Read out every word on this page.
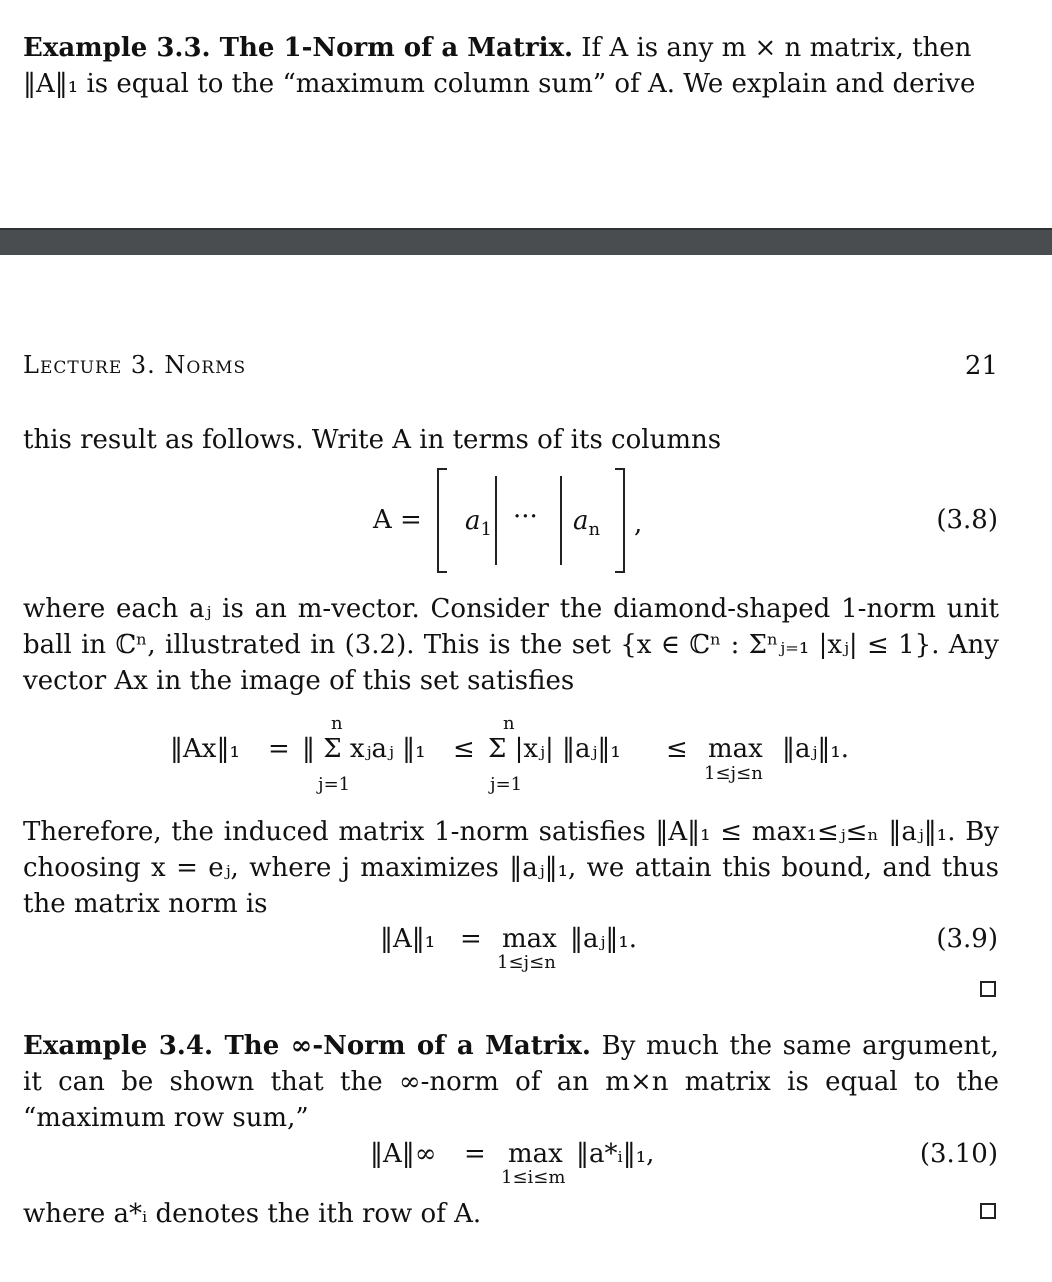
Example 3.3. The 1-Norm of a Matrix. If A is any m × n matrix, then
‖A‖₁ is equal to the “maximum column sum” of A. We explain and derive

Lecture 3. Norms	21

this result as follows. Write A in terms of its columns

$A = a_1$ ··· $a_n$ ,	(3.8)

where each aⱼ is an m-vector. Consider the diamond-shaped 1-norm unit ball in ℂⁿ, illustrated in (3.2). This is the set {x ∈ ℂⁿ : Σⁿⱼ₌₁ |xⱼ| ≤ 1}. Any vector Ax in the image of this set satisfies

‖Ax‖₁ =
n
j=1
‖ Σ xⱼaⱼ ‖₁ ≤
n
j=1
Σ |xⱼ| ‖aⱼ‖₁ ≤ max
1≤j≤n
‖aⱼ‖₁.

Therefore, the induced matrix 1-norm satisfies ‖A‖₁ ≤ max₁≤ⱼ≤ₙ ‖aⱼ‖₁. By choosing x = eⱼ, where j maximizes ‖aⱼ‖₁, we attain this bound, and thus the matrix norm is

‖A‖₁ = max
1≤j≤n
‖aⱼ‖₁.	(3.9)

Example 3.4. The ∞-Norm of a Matrix. By much the same argument, it can be shown that the ∞-norm of an m×n matrix is equal to the “maximum row sum,”

‖A‖∞ = max
1≤i≤m
‖a*ᵢ‖₁,	(3.10)

where a*ᵢ denotes the ith row of A.
